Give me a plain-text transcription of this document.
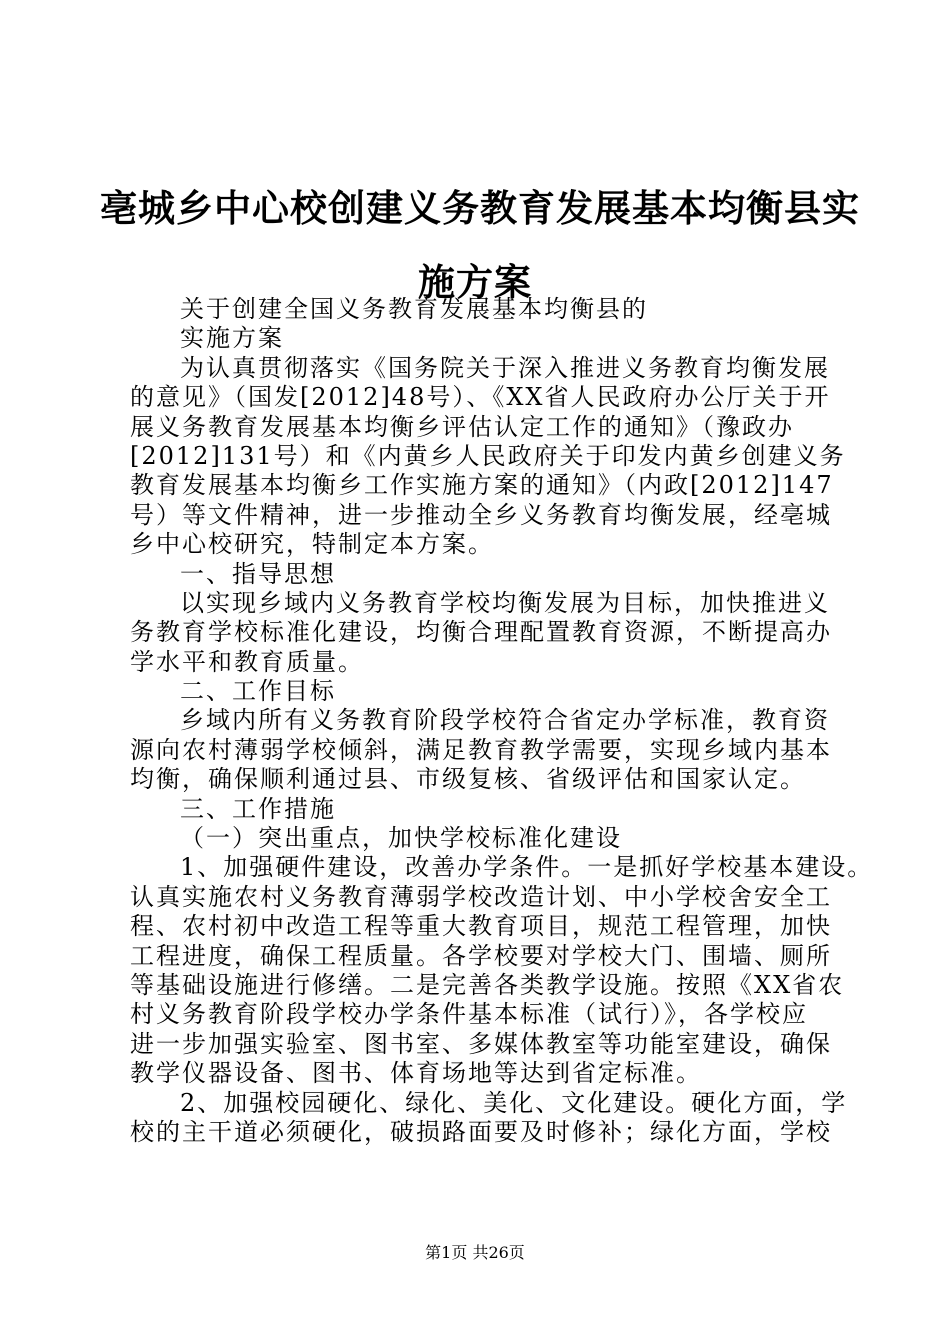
亳城乡中心校创建义务教育发展基本均衡县实
施方案
关于创建全国义务教育发展基本均衡县的
实施方案
为认真贯彻落实《国务院关于深入推进义务教育均衡发展
的意见》（国发[2012]48号）、《XX省人民政府办公厅关于开
展义务教育发展基本均衡乡评估认定工作的通知》（豫政办
[2012]131号）和《内黄乡人民政府关于印发内黄乡创建义务
教育发展基本均衡乡工作实施方案的通知》（内政[2012]147
号）等文件精神，进一步推动全乡义务教育均衡发展，经亳城
乡中心校研究，特制定本方案。
一、指导思想
以实现乡域内义务教育学校均衡发展为目标，加快推进义
务教育学校标准化建设，均衡合理配置教育资源，不断提高办
学水平和教育质量。
二、工作目标
乡域内所有义务教育阶段学校符合省定办学标准，教育资
源向农村薄弱学校倾斜，满足教育教学需要，实现乡域内基本
均衡，确保顺利通过县、市级复核、省级评估和国家认定。
三、工作措施
（一）突出重点，加快学校标准化建设
1、加强硬件建设，改善办学条件。一是抓好学校基本建设。
认真实施农村义务教育薄弱学校改造计划、中小学校舍安全工
程、农村初中改造工程等重大教育项目，规范工程管理，加快
工程进度，确保工程质量。各学校要对学校大门、围墙、厕所
等基础设施进行修缮。二是完善各类教学设施。按照《XX省农
村义务教育阶段学校办学条件基本标准（试行）》，各学校应
进一步加强实验室、图书室、多媒体教室等功能室建设，确保
教学仪器设备、图书、体育场地等达到省定标准。
2、加强校园硬化、绿化、美化、文化建设。硬化方面，学
校的主干道必须硬化，破损路面要及时修补；绿化方面，学校
第1页 共26页
